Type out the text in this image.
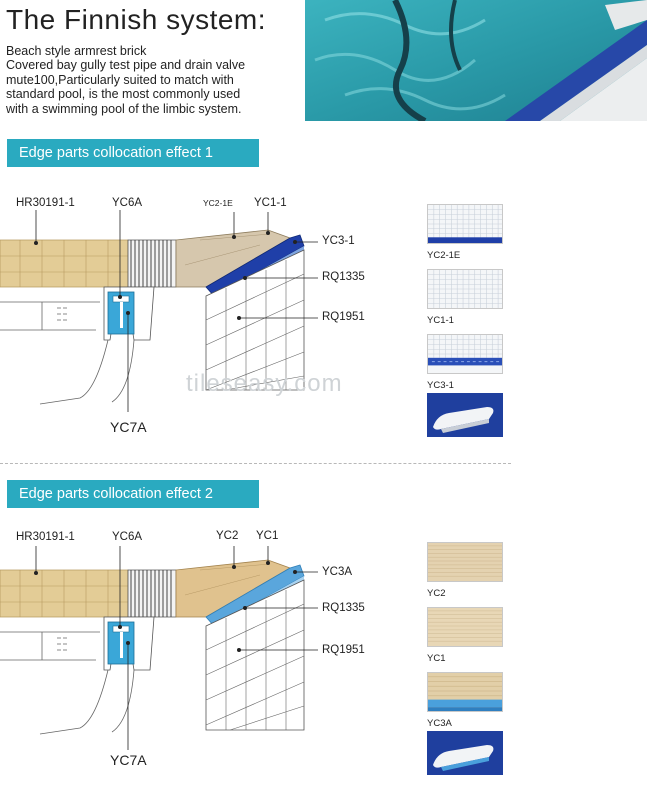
The Finnish system:
Beach style armrest brick
Covered bay gully test pipe and drain valve
mute100,Particularly suited to match with
standard pool, is the most commonly used
with a swimming pool of the limbic system.
Edge parts collocation effect 1
HR30191-1	YC6A	YC2-1E YC1-1
YC3-1
RQ1335
RQ1951
YC7A
YC2-1E
YC1-1
YC3-1
tileseasy.com
Edge parts collocation effect 2
HR30191-1	YC6A	YC2 YC1
YC3A
RQ1335
RQ1951
YC7A
YC2
YC1
YC3A
